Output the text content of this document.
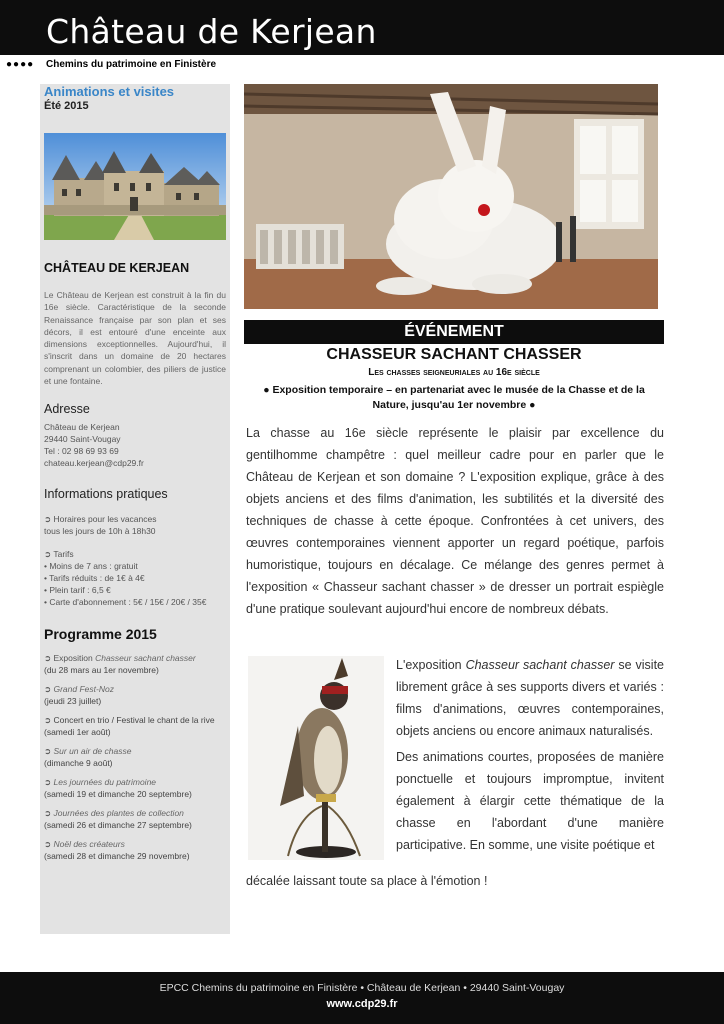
Château de Kerjean
●●●● Chemins du patrimoine en Finistère
Animations et visites
Été 2015
CHÂTEAU DE KERJEAN
Le Château de Kerjean est construit à la fin du 16e siècle. Caractéristique de la seconde Renaissance française par son plan et ses décors, il est entouré d'une enceinte aux dimensions exceptionnelles. Aujourd'hui, il s'inscrit dans un domaine de 20 hectares comprenant un colombier, des piliers de justice et une fontaine.
Adresse
Château de Kerjean
29440 Saint-Vougay
Tel : 02 98 69 93 69
chateau.kerjean@cdp29.fr
Informations pratiques
➲ Horaires pour les vacances
tous les jours de 10h à 18h30
➲ Tarifs
• Moins de 7 ans : gratuit
• Tarifs réduits : de 1€ à 4€
• Plein tarif : 6,5 €
• Carte d'abonnement : 5€ / 15€ / 20€ / 35€
Programme 2015
➲ Exposition Chasseur sachant chasser
(du 28 mars au 1er novembre)
➲ Grand Fest-Noz
(jeudi 23 juillet)
➲ Concert en trio / Festival le chant de la rive
(samedi 1er août)
➲ Sur un air de chasse
(dimanche 9 août)
➲ Les journées du patrimoine
(samedi 19 et dimanche 20 septembre)
➲ Journées des plantes de collection
(samedi 26 et dimanche 27 septembre)
➲ Noël des créateurs
(samedi 28 et dimanche 29 novembre)
ÉVÉNEMENT
CHASSEUR SACHANT CHASSER
Les chasses seigneuriales au 16e siècle
● Exposition temporaire – en partenariat avec le musée de la Chasse et de la Nature, jusqu'au 1er novembre ●
La chasse au 16e siècle représente le plaisir par excellence du gentilhomme champêtre : quel meilleur cadre pour en parler que le Château de Kerjean et son domaine ? L'exposition explique, grâce à des objets anciens et des films d'animation, les subtilités et la diversité des techniques de chasse à cette époque. Confrontées à cet univers, des œuvres contemporaines viennent apporter un regard poétique, parfois humoristique, toujours en décalage. Ce mélange des genres permet à l'exposition « Chasseur sachant chasser » de dresser un portrait espiègle d'une pratique soulevant aujourd'hui encore de nombreux débats.

L'exposition Chasseur sachant chasser se visite librement grâce à ses supports divers et variés : films d'animations, œuvres contemporaines, objets anciens ou encore animaux naturalisés.

Des animations courtes, proposées de manière ponctuelle et toujours impromptue, invitent également à élargir cette thématique de la chasse en l'abordant d'une manière participative. En somme, une visite poétique et

décalée laissant toute sa place à l'émotion !
EPCC Chemins du patrimoine en Finistère • Château de Kerjean • 29440 Saint-Vougay
www.cdp29.fr
